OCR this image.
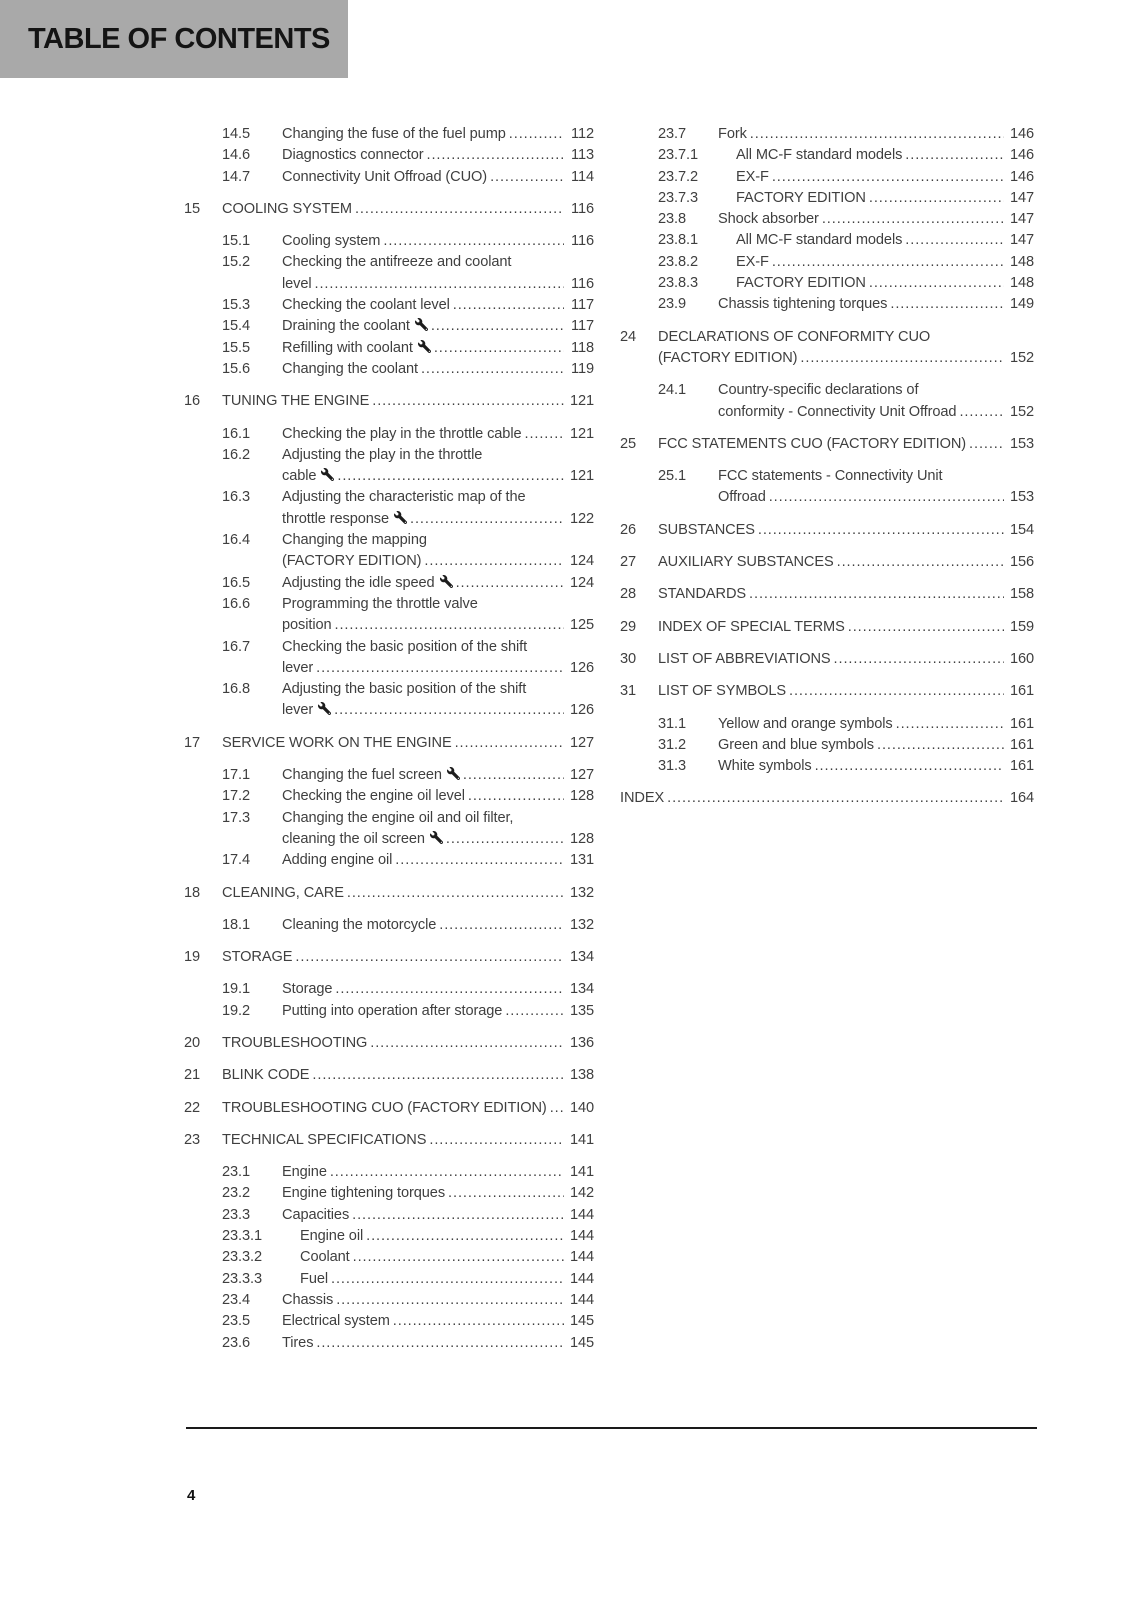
TABLE OF CONTENTS
14.5	Changing the fuse of the fuel pump .....	112
14.6	Diagnostics connector .....	113
14.7	Connectivity Unit Offroad (CUO) .....	114
15	COOLING SYSTEM .....	116
15.1	Cooling system .....	116
15.2	Checking the antifreeze and coolant
level .....	116
15.3	Checking the coolant level .....	117
15.4	Draining the coolant .....	117
15.5	Refilling with coolant .....	118
15.6	Changing the coolant .....	119
16	TUNING THE ENGINE .....	121
16.1	Checking the play in the throttle cable .....	121
16.2	Adjusting the play in the throttle
cable .....	121
16.3	Adjusting the characteristic map of the
throttle response .....	122
16.4	Changing the mapping
(FACTORY EDITION) .....	124
16.5	Adjusting the idle speed .....	124
16.6	Programming the throttle valve
position .....	125
16.7	Checking the basic position of the shift
lever .....	126
16.8	Adjusting the basic position of the shift
lever .....	126
17	SERVICE WORK ON THE ENGINE .....	127
17.1	Changing the fuel screen .....	127
17.2	Checking the engine oil level .....	128
17.3	Changing the engine oil and oil filter,
cleaning the oil screen .....	128
17.4	Adding engine oil .....	131
18	CLEANING, CARE .....	132
18.1	Cleaning the motorcycle .....	132
19	STORAGE .....	134
19.1	Storage .....	134
19.2	Putting into operation after storage .....	135
20	TROUBLESHOOTING .....	136
21	BLINK CODE .....	138
22	TROUBLESHOOTING CUO (FACTORY EDITION) .....	140
23	TECHNICAL SPECIFICATIONS .....	141
23.1	Engine .....	141
23.2	Engine tightening torques .....	142
23.3	Capacities .....	144
23.3.1	Engine oil .....	144
23.3.2	Coolant .....	144
23.3.3	Fuel .....	144
23.4	Chassis .....	144
23.5	Electrical system .....	145
23.6	Tires .....	145
23.7	Fork .....	146
23.7.1	All MC-F standard models .....	146
23.7.2	EX-F .....	146
23.7.3	FACTORY EDITION .....	147
23.8	Shock absorber .....	147
23.8.1	All MC-F standard models .....	147
23.8.2	EX-F .....	148
23.8.3	FACTORY EDITION .....	148
23.9	Chassis tightening torques .....	149
24	DECLARATIONS OF CONFORMITY CUO
(FACTORY EDITION) .....	152
24.1	Country-specific declarations of
conformity - Connectivity Unit Offroad .....	152
25	FCC STATEMENTS CUO (FACTORY EDITION) .....	153
25.1	FCC statements - Connectivity Unit
Offroad .....	153
26	SUBSTANCES .....	154
27	AUXILIARY SUBSTANCES .....	156
28	STANDARDS .....	158
29	INDEX OF SPECIAL TERMS .....	159
30	LIST OF ABBREVIATIONS .....	160
31	LIST OF SYMBOLS .....	161
31.1	Yellow and orange symbols .....	161
31.2	Green and blue symbols .....	161
31.3	White symbols .....	161
INDEX .....	164
4
